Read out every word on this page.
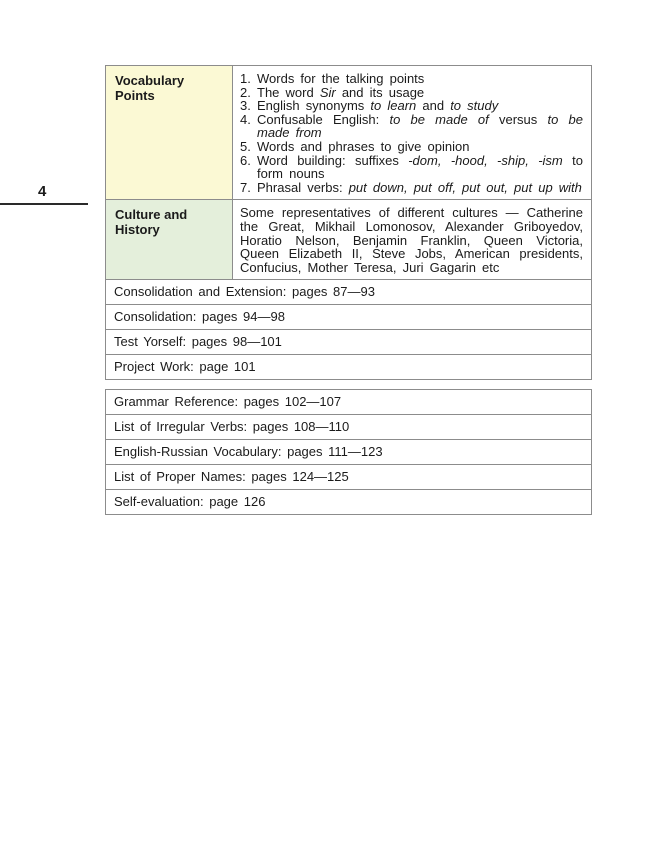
4
Vocabulary Points
1. Words for the talking points
2. The word Sir and its usage
3. English synonyms to learn and to study
4. Confusable English: to be made of versus to be made from
5. Words and phrases to give opinion
6. Word building: suffixes -dom, -hood, -ship, -ism to form nouns
7. Phrasal verbs: put down, put off, put out, put up with
Culture and History
Some representatives of different cultures — Catherine the Great, Mikhail Lomonosov, Alexander Griboyedov, Horatio Nelson, Benjamin Franklin, Queen Victoria, Queen Elizabeth II, Steve Jobs, American presidents, Confucius, Mother Teresa, Juri Gagarin etc
Consolidation and Extension: pages 87—93
Consolidation: pages 94—98
Test Yorself: pages 98—101
Project Work: page 101
Grammar Reference: pages 102—107
List of Irregular Verbs: pages 108—110
English-Russian Vocabulary: pages 111—123
List of Proper Names: pages 124—125
Self-evaluation: page 126
